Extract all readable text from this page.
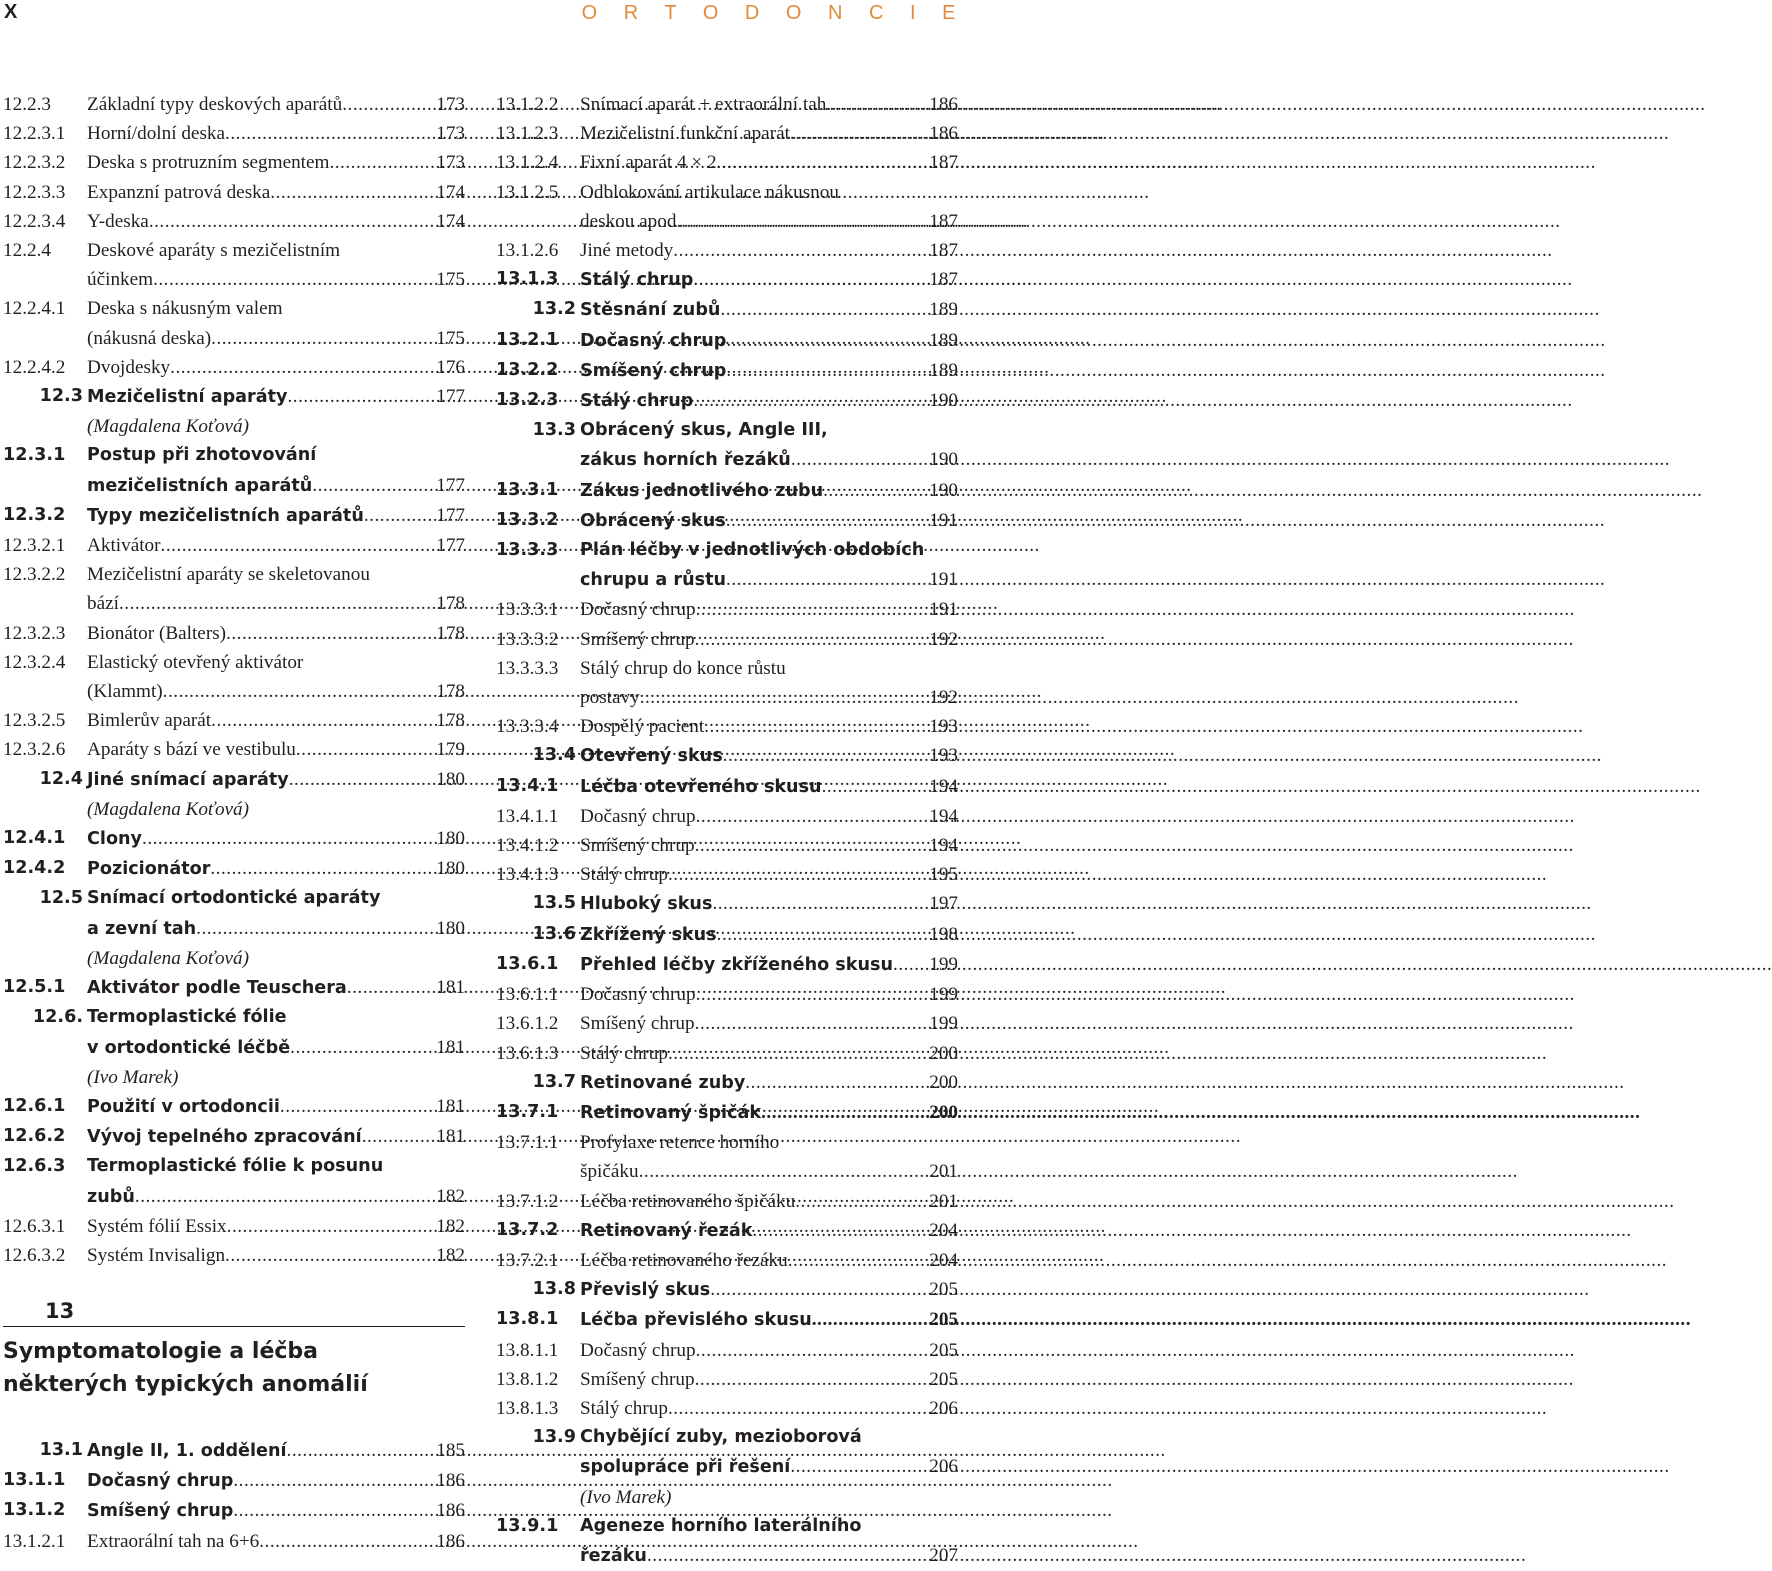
X	O R T O D O N C I E
12.2.3	Základní typy deskových aparátů .....	173
12.2.3.1	Horní/dolní deska .....	173
12.2.3.2	Deska s protruzním segmentem .....	173
12.2.3.3	Expanzní patrová deska .....	174
12.2.3.4	Y-deska .....	174
12.2.4	Deskové aparáty s mezičelistním
účinkem .....	175
12.2.4.1	Deska s nákusným valem
(nákusná deska) .....	175
12.2.4.2	Dvojdesky .....	176
12.3 Mezičelistní aparáty .....	177
(Magdalena Koťová)
12.3.1	Postup při zhotovování
mezičelistních aparátů .....	177
12.3.2	Typy mezičelistních aparátů .....	177
12.3.2.1	Aktivátor .....	177
12.3.2.2	Mezičelistní aparáty se skeletovanou
bází .....	178
12.3.2.3	Bionátor (Balters) .....	178
12.3.2.4	Elastický otevřený aktivátor
(Klammt) .....	178
12.3.2.5	Bimlerův aparát .....	178
12.3.2.6	Aparáty s bází ve vestibulu .....	179
12.4 Jiné snímací aparáty .....	180
(Magdalena Koťová)
12.4.1	Clony .....	180
12.4.2	Pozicionátor .....	180
12.5 Snímací ortodontické aparáty
a zevní tah .....	180
(Magdalena Koťová)
12.5.1	Aktivátor podle Teuschera .....	181
12.6. Termoplastické fólie
v ortodontické léčbě .....	181
(Ivo Marek)
12.6.1	Použití v ortodoncii .....	181
12.6.2	Vývoj tepelného zpracování .....	181
12.6.3	Termoplastické fólie k posunu
zubů .....	182
12.6.3.1	Systém fólií Essix .....	182
12.6.3.2	Systém Invisalign .....	182
13
Symptomatologie a léčba
některých typických anomálií
13.1 Angle II, 1. oddělení .....	185
13.1.1	Dočasný chrup .....	186
13.1.2	Smíšený chrup .....	186
13.1.2.1	Extraorální tah na 6+6 .....	186
13.1.2.2	Snímací aparát + extraorální tah .....	186
13.1.2.3	Mezičelistní funkční aparát .....	186
13.1.2.4	Fixní aparát 4 × 2 .....	187
13.1.2.5	Odblokování artikulace nákusnou
deskou apod. .....	187
13.1.2.6	Jiné metody .....	187
13.1.3	Stálý chrup .....	187
13.2 Stěsnání zubů .....	189
13.2.1	Dočasný chrup .....	189
13.2.2	Smíšený chrup .....	189
13.2.3	Stálý chrup .....	190
13.3 Obrácený skus, Angle III,
zákus horních řezáků .....	190
13.3.1	Zákus jednotlivého zubu .....	190
13.3.2	Obrácený skus .....	191
13.3.3	Plán léčby v jednotlivých obdobích
chrupu a růstu .....	191
13.3.3.1	Dočasný chrup .....	191
13.3.3.2	Smíšený chrup .....	192
13.3.3.3	Stálý chrup do konce růstu
postavy .....	192
13.3.3.4	Dospělý pacient .....	193
13.4 Otevřený skus .....	193
13.4.1	Léčba otevřeného skusu .....	194
13.4.1.1	Dočasný chrup .....	194
13.4.1.2	Smíšený chrup .....	194
13.4.1.3	Stálý chrup .....	195
13.5 Hluboký skus .....	197
13.6 Zkřížený skus .....	198
13.6.1	Přehled léčby zkříženého skusu ..... 199
13.6.1.1	Dočasný chrup .....	199
13.6.1.2	Smíšený chrup .....	199
13.6.1.3	Stálý chrup .....	200
13.7 Retinované zuby .....	200
13.7.1	Retinovaný špičák .....	200
13.7.1.1	Profylaxe retence horního
špičáku .....	201
13.7.1.2	Léčba retinovaného špičáku .....	201
13.7.2	Retinovaný řezák .....	204
13.7.2.1	Léčba retinovaného řezáku .....	204
13.8 Převislý skus .....	205
13.8.1	Léčba převislého skusu .....	205
13.8.1.1	Dočasný chrup .....	205
13.8.1.2	Smíšený chrup .....	205
13.8.1.3	Stálý chrup .....	206
13.9 Chybějící zuby, mezioborová
spolupráce při řešení .....	206
(Ivo Marek)
13.9.1	Ageneze horního laterálního
řezáku .....	207
